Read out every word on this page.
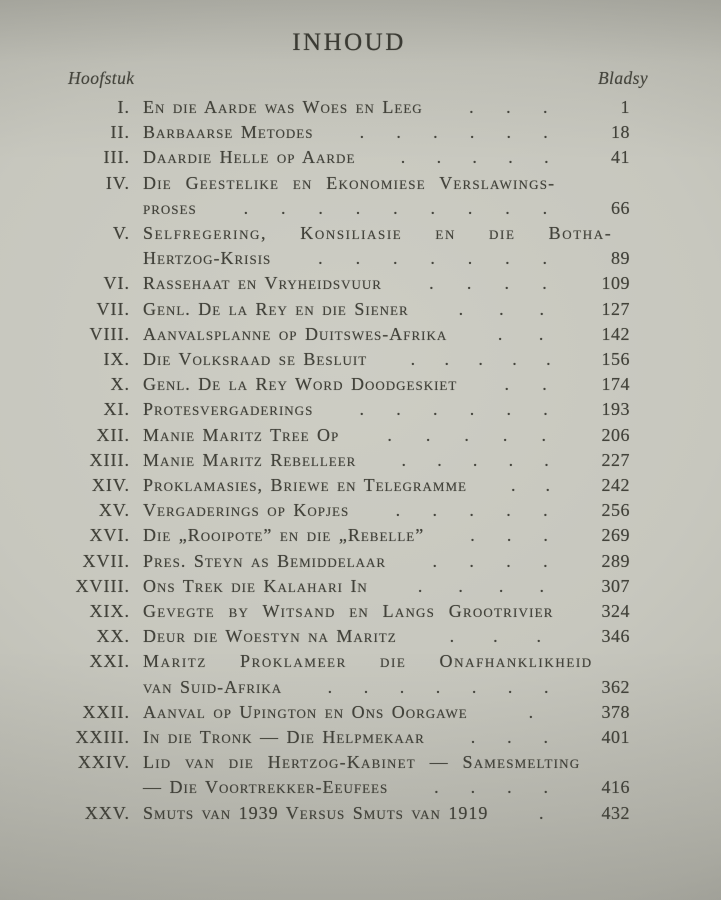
INHOUD
Hoofstuk	Bladsy
I. En die Aarde was Woes en Leeg	. . .	1
II. Barbaarse Metodes	. . . . . .	18
III. Daardie Helle op Aarde	. . . . .	41
IV. Die Geestelike en Ekonomiese Verslawings-
proses	. . . . . . . . .	66
V. Selfregering, Konsiliasie en die Botha-
Hertzog-Krisis	. . . . . . .	89
VI. Rassehaat en Vryheidsvuur	. . . .	109
VII. Genl. De la Rey en die Siener	. . .	127
VIII. Aanvalsplanne op Duitswes-Afrika	. .	142
IX. Die Volksraad se Besluit . . . . .	156
X. Genl. De la Rey Word Doodgeskiet	. .	174
XI. Protesvergaderings	. . . . . .	193
XII. Manie Maritz Tree Op	. . . . .	206
XIII. Manie Maritz Rebelleer	. . . . .	227
XIV. Proklamasies, Briewe en Telegramme . .	242
XV. Vergaderings op Kopjes	. . . . .	256
XVI. Die „Rooipote” en die „Rebelle”	. . .	269
XVII. Pres. Steyn as Bemiddelaar	. . . .	289
XVIII. Ons Trek die Kalahari In	. . . .	307
XIX. Gevegte by Witsand en Langs Grootrivier	324
XX. Deur die Woestyn na Maritz	. . .	346
XXI. Maritz Proklameer die Onafhanklikheid
van Suid-Afrika	. . . . . . .	362
XXII. Aanval op Upington en Ons Oorgawe	.	378
XXIII. In die Tronk — Die Helpmekaar	. . .	401
XXIV. Lid van die Hertzog-Kabinet — Samesmelting
— Die Voortrekker-Eeufees	. . . .	416
XXV. Smuts van 1939 Versus Smuts van 1919	.	432
